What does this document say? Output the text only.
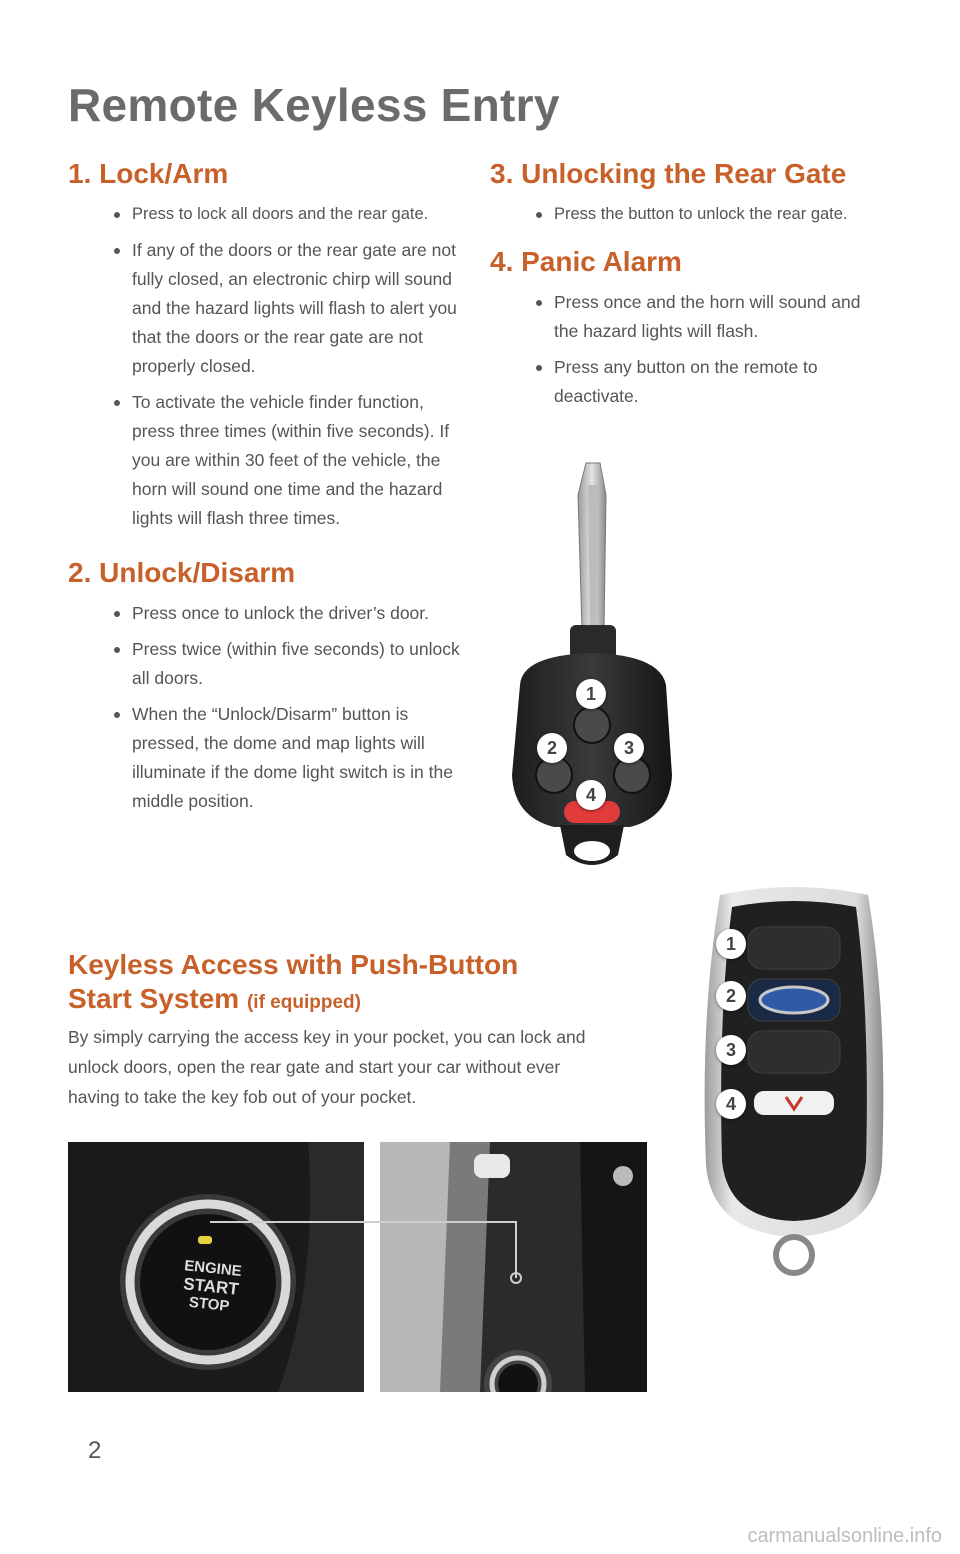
Remote Keyless Entry
1. Lock/Arm
Press to lock all doors and the rear gate.
If any of the doors or the rear gate are not fully closed, an electronic chirp will sound and the hazard lights will flash to alert you that the doors or the rear gate are not properly closed.
To activate the vehicle finder function, press three times (within five seconds). If you are within 30 feet of the vehicle, the horn will sound one time and the hazard lights will flash three times.
2. Unlock/Disarm
Press once to unlock the driver’s door.
Press twice (within five seconds) to unlock all doors.
When the “Unlock/Disarm” button is pressed, the dome and map lights will illuminate if the dome light switch is in the middle position.
3. Unlocking the Rear Gate
Press the button to unlock the rear gate.
4. Panic Alarm
Press once and the horn will sound and the hazard lights will flash.
Press any button on the remote to deactivate.
1
2	3
4
Keyless Access with Push-Button
Start System (if equipped)

By simply carrying the access key in your pocket, you can lock and unlock doors, open the rear gate and start your car without ever having to take the key fob out of your pocket.

1
2
3
4
ENGINE
START
STOP
2
carmanualsonline.info
